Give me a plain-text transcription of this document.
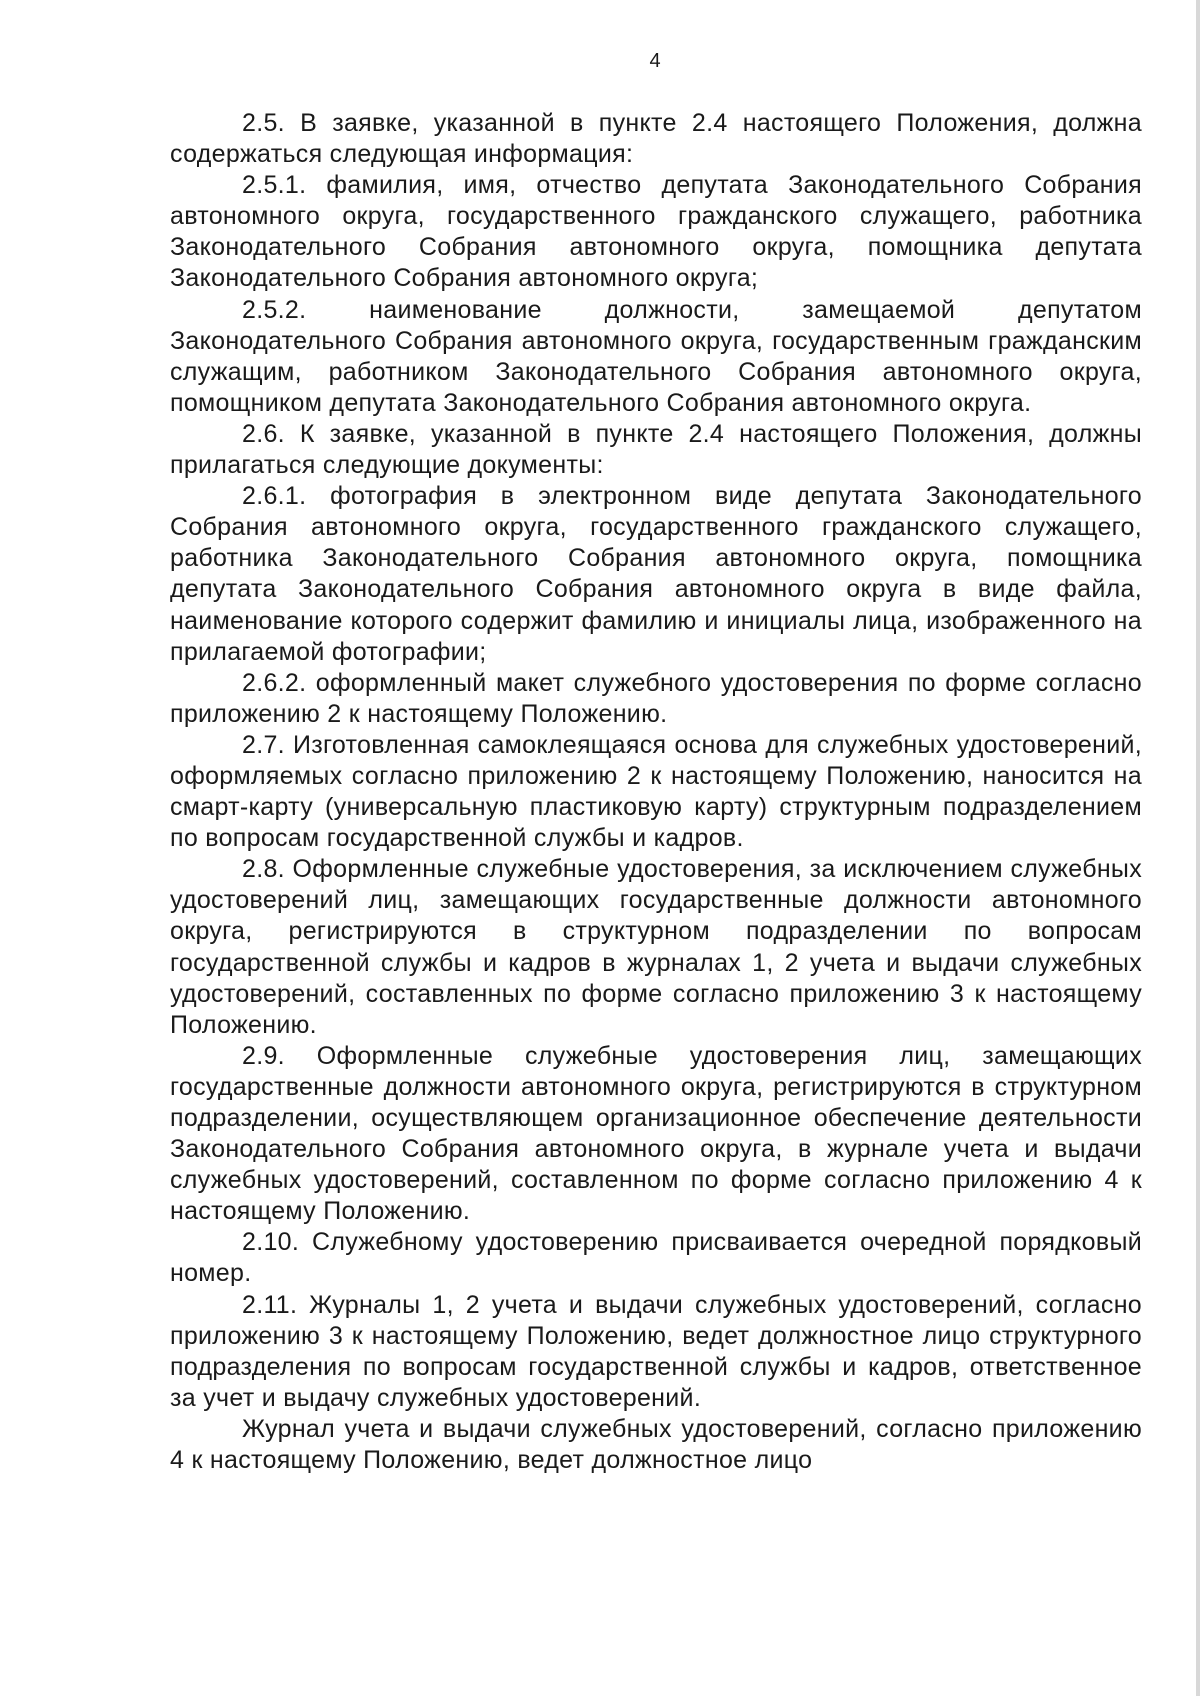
4

2.5. В заявке, указанной в пункте 2.4 настоящего Положения, должна содержаться следующая информация:

2.5.1. фамилия, имя, отчество депутата Законодательного Собрания автономного округа, государственного гражданского служащего, работника Законодательного Собрания автономного округа, помощника депутата Законодательного Собрания автономного округа;

2.5.2. наименование должности, замещаемой депутатом Законодательного Собрания автономного округа, государственным гражданским служащим, работником Законодательного Собрания автономного округа, помощником депутата Законодательного Собрания автономного округа.

2.6. К заявке, указанной в пункте 2.4 настоящего Положения, должны прилагаться следующие документы:

2.6.1. фотография в электронном виде депутата Законодательного Собрания автономного округа, государственного гражданского служащего, работника Законодательного Собрания автономного округа, помощника депутата Законодательного Собрания автономного округа в виде файла, наименование которого содержит фамилию и инициалы лица, изображенного на прилагаемой фотографии;

2.6.2. оформленный макет служебного удостоверения по форме согласно приложению 2 к настоящему Положению.

2.7. Изготовленная самоклеящаяся основа для служебных удостоверений, оформляемых согласно приложению 2 к настоящему Положению, наносится на смарт-карту (универсальную пластиковую карту) структурным подразделением по вопросам государственной службы и кадров.

2.8. Оформленные служебные удостоверения, за исключением служебных удостоверений лиц, замещающих государственные должности автономного округа, регистрируются в структурном подразделении по вопросам государственной службы и кадров в журналах 1, 2 учета и выдачи служебных удостоверений, составленных по форме согласно приложению 3 к настоящему Положению.

2.9. Оформленные служебные удостоверения лиц, замещающих государственные должности автономного округа, регистрируются в структурном подразделении, осуществляющем организационное обеспечение деятельности Законодательного Собрания автономного округа, в журнале учета и выдачи служебных удостоверений, составленном по форме согласно приложению 4 к настоящему Положению.

2.10. Служебному удостоверению присваивается очередной порядковый номер.

2.11. Журналы 1, 2 учета и выдачи служебных удостоверений, согласно приложению 3 к настоящему Положению, ведет должностное лицо структурного подразделения по вопросам государственной службы и кадров, ответственное за учет и выдачу служебных удостоверений.

Журнал учета и выдачи служебных удостоверений, согласно приложению 4 к настоящему Положению, ведет должностное лицо
